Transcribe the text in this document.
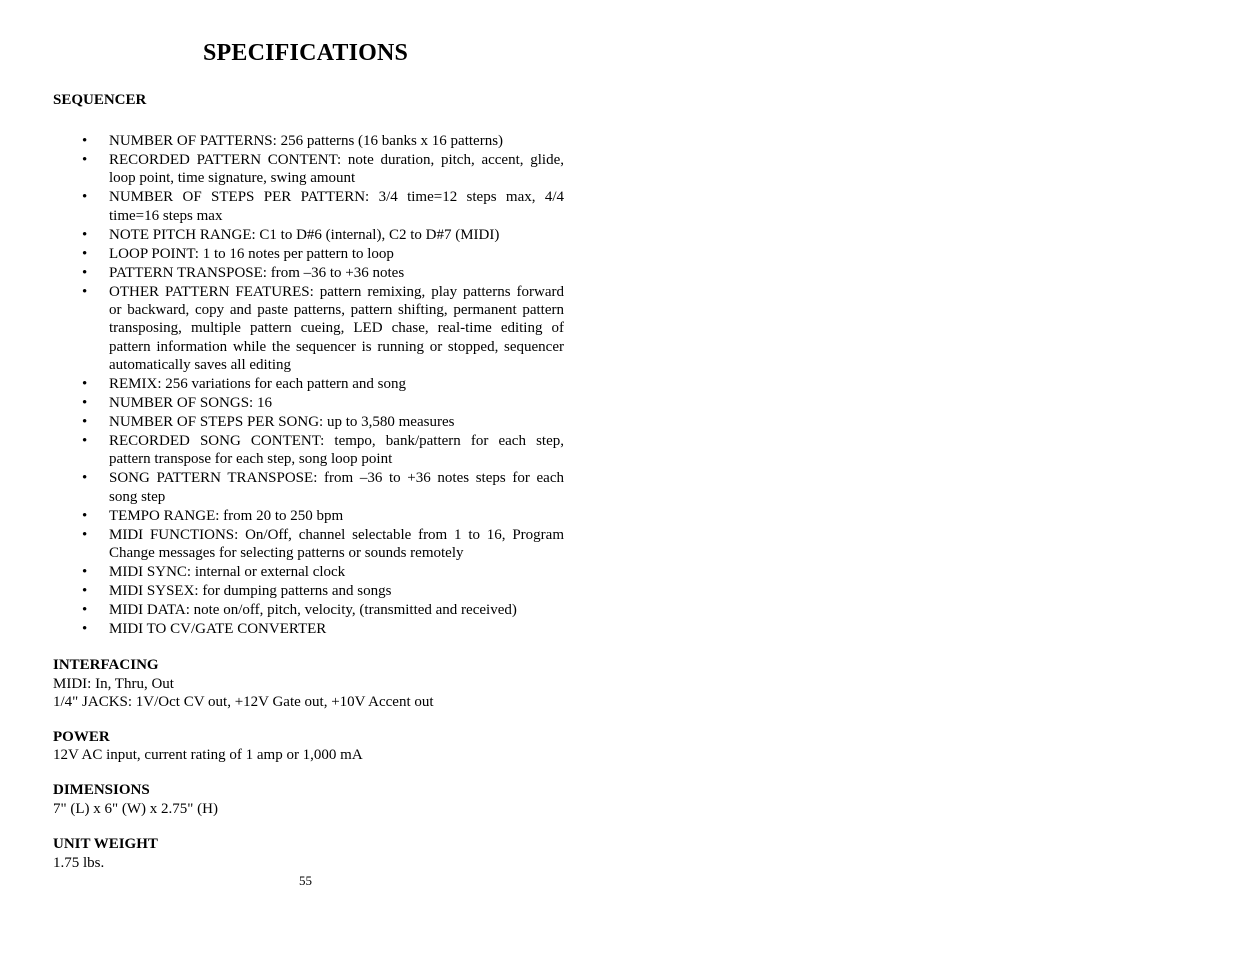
SPECIFICATIONS
SEQUENCER
• NUMBER OF PATTERNS: 256 patterns (16 banks x 16 patterns)
• RECORDED PATTERN CONTENT: note duration, pitch, accent, glide, loop point, time signature, swing amount
• NUMBER OF STEPS PER PATTERN: 3/4 time=12 steps max, 4/4 time=16 steps max
• NOTE PITCH RANGE: C1 to D#6 (internal), C2 to D#7 (MIDI)
• LOOP POINT: 1 to 16 notes per pattern to loop
• PATTERN TRANSPOSE: from –36 to +36 notes
• OTHER PATTERN FEATURES: pattern remixing, play patterns forward or backward, copy and paste patterns, pattern shifting, permanent pattern transposing, multiple pattern cueing, LED chase, real-time editing of pattern information while the sequencer is running or stopped, sequencer automatically saves all editing
• REMIX: 256 variations for each pattern and song
• NUMBER OF SONGS: 16
• NUMBER OF STEPS PER SONG: up to 3,580 measures
• RECORDED SONG CONTENT: tempo, bank/pattern for each step, pattern transpose for each step, song loop point
• SONG PATTERN TRANSPOSE: from –36 to +36 notes steps for each song step
• TEMPO RANGE: from 20 to 250 bpm
• MIDI FUNCTIONS: On/Off, channel selectable from 1 to 16, Program Change messages for selecting patterns or sounds remotely
• MIDI SYNC: internal or external clock
• MIDI SYSEX: for dumping patterns and songs
• MIDI DATA: note on/off, pitch, velocity, (transmitted and received)
• MIDI TO CV/GATE CONVERTER
INTERFACING
MIDI: In, Thru, Out
1/4" JACKS: 1V/Oct CV out, +12V Gate out, +10V Accent out
POWER
12V AC input, current rating of 1 amp or 1,000 mA
DIMENSIONS
7" (L) x 6" (W) x 2.75" (H)
UNIT WEIGHT
1.75 lbs.
55
